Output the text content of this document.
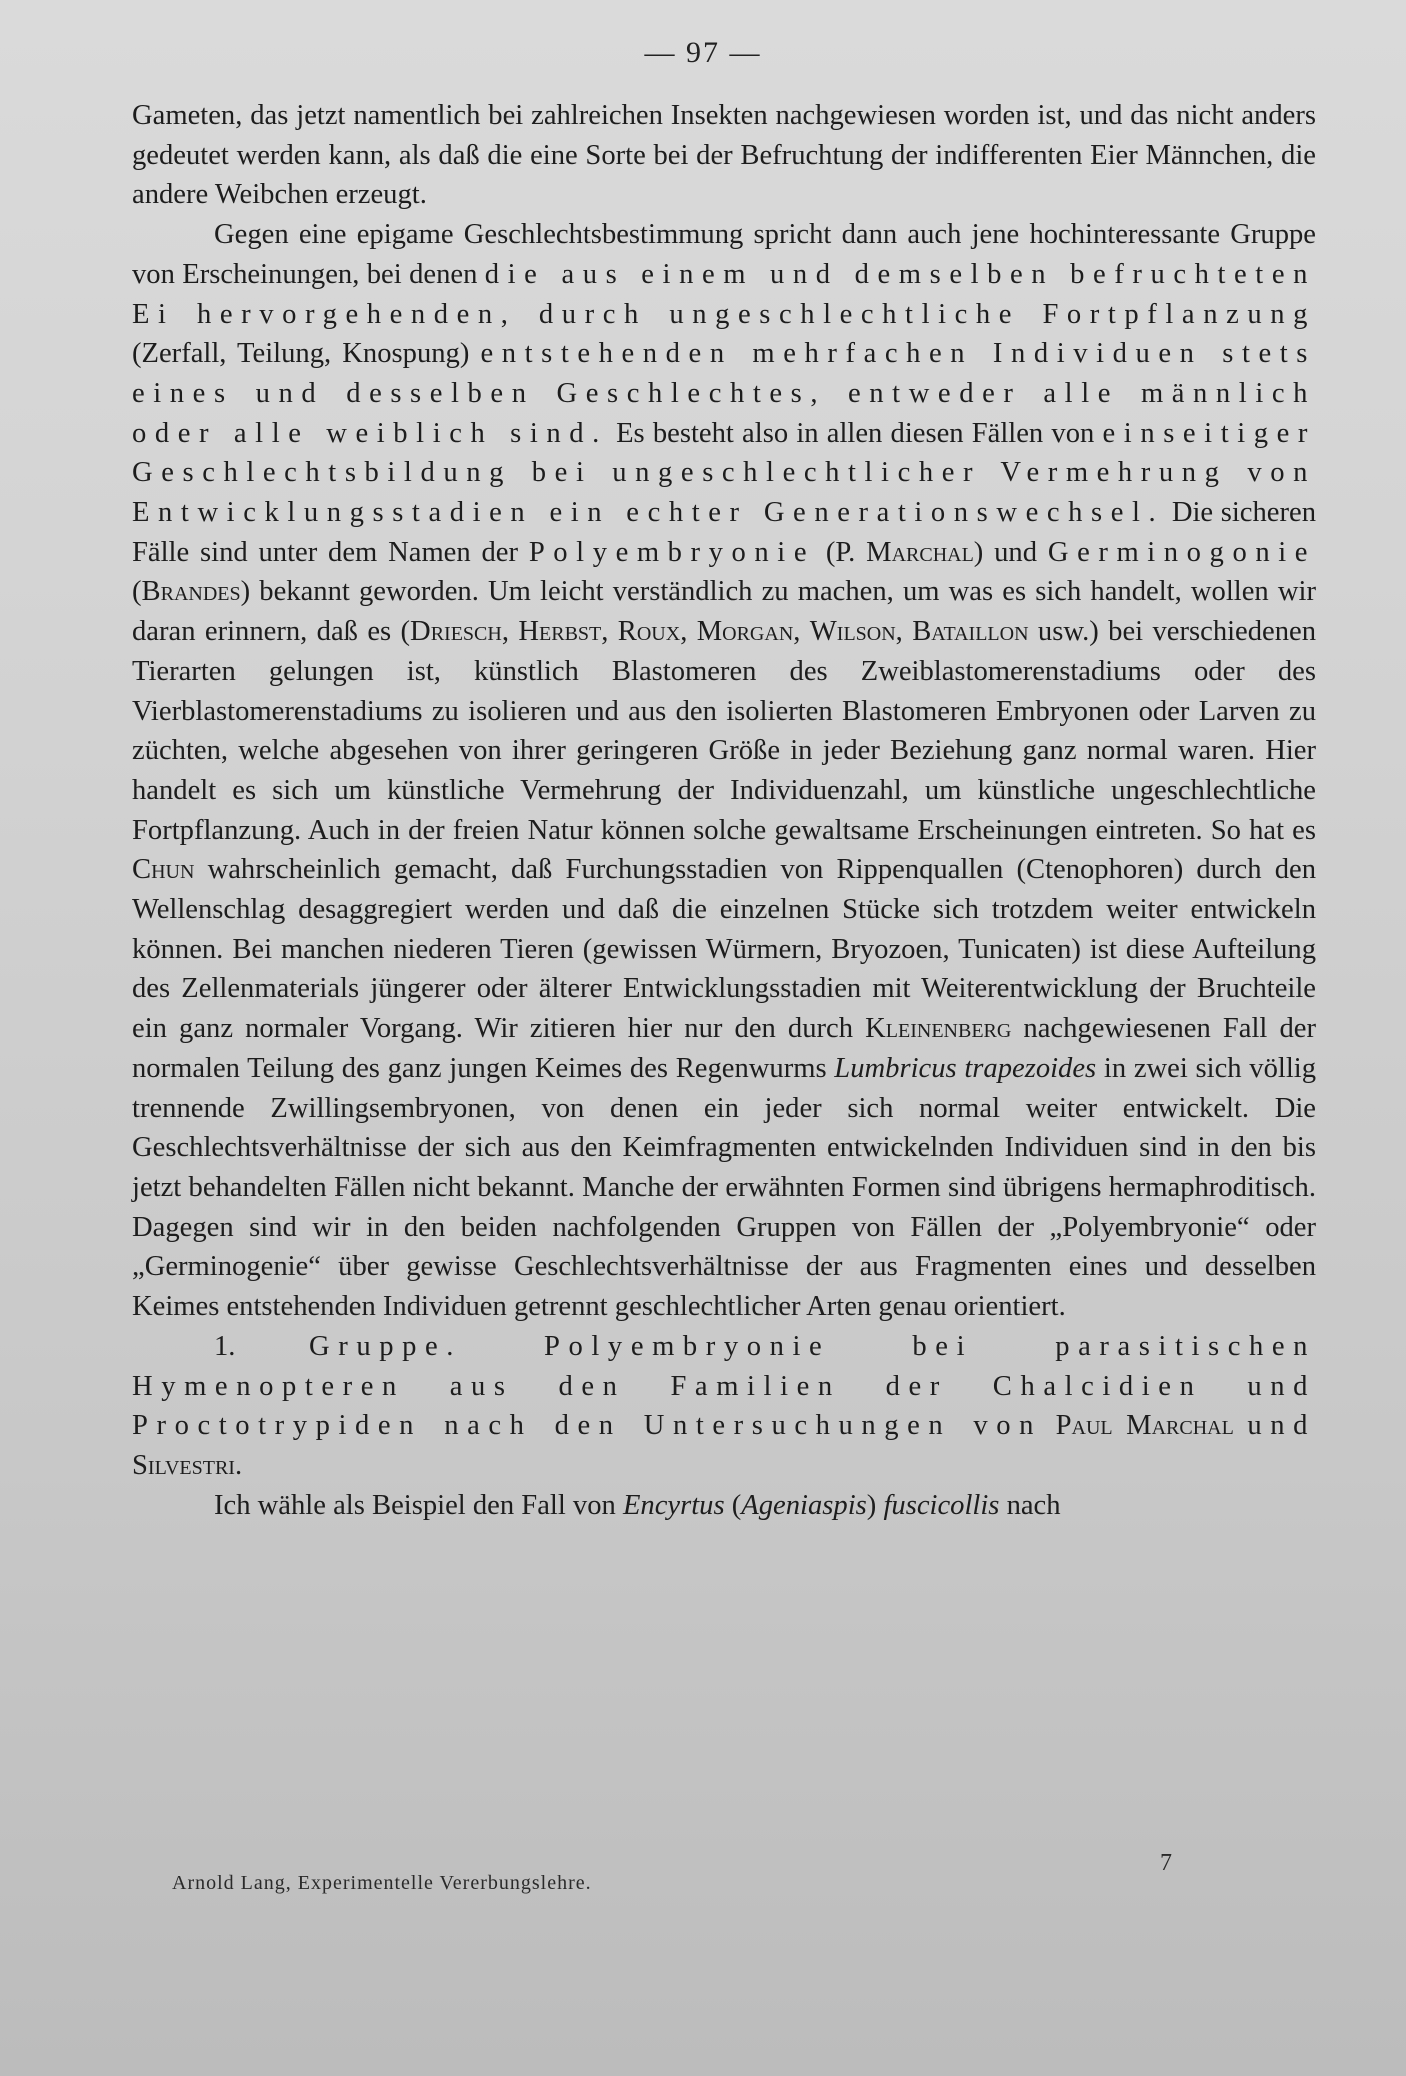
— 97 —

Gameten, das jetzt namentlich bei zahlreichen Insekten nachgewiesen worden ist, und das nicht anders gedeutet werden kann, als daß die eine Sorte bei der Befruchtung der indifferenten Eier Männchen, die andere Weibchen erzeugt.

Gegen eine epigame Geschlechtsbestimmung spricht dann auch jene hochinteressante Gruppe von Erscheinungen, bei denen die aus einem und demselben befruchteten Ei hervorgehenden, durch ungeschlechtliche Fortpflanzung (Zerfall, Teilung, Knospung) entstehenden mehrfachen Individuen stets eines und desselben Geschlechtes, entweder alle männlich oder alle weiblich sind. Es besteht also in allen diesen Fällen von einseitiger Geschlechtsbildung bei ungeschlechtlicher Vermehrung von Entwicklungsstadien ein echter Generationswechsel. Die sicheren Fälle sind unter dem Namen der Polyembryonie (P. Marchal) und Germinogonie (Brandes) bekannt geworden. Um leicht verständlich zu machen, um was es sich handelt, wollen wir daran erinnern, daß es (Driesch, Herbst, Roux, Morgan, Wilson, Bataillon usw.) bei verschiedenen Tierarten gelungen ist, künstlich Blastomeren des Zweiblastomerenstadiums oder des Vierblastomerenstadiums zu isolieren und aus den isolierten Blastomeren Embryonen oder Larven zu züchten, welche abgesehen von ihrer geringeren Größe in jeder Beziehung ganz normal waren. Hier handelt es sich um künstliche Vermehrung der Individuenzahl, um künstliche ungeschlechtliche Fortpflanzung. Auch in der freien Natur können solche gewaltsame Erscheinungen eintreten. So hat es Chun wahrscheinlich gemacht, daß Furchungsstadien von Rippenquallen (Ctenophoren) durch den Wellenschlag desaggregiert werden und daß die einzelnen Stücke sich trotzdem weiter entwickeln können. Bei manchen niederen Tieren (gewissen Würmern, Bryozoen, Tunicaten) ist diese Aufteilung des Zellenmaterials jüngerer oder älterer Entwicklungsstadien mit Weiterentwicklung der Bruchteile ein ganz normaler Vorgang. Wir zitieren hier nur den durch Kleinenberg nachgewiesenen Fall der normalen Teilung des ganz jungen Keimes des Regenwurms Lumbricus trapezoides in zwei sich völlig trennende Zwillingsembryonen, von denen ein jeder sich normal weiter entwickelt. Die Geschlechtsverhältnisse der sich aus den Keimfragmenten entwickelnden Individuen sind in den bis jetzt behandelten Fällen nicht bekannt. Manche der erwähnten Formen sind übrigens hermaphroditisch. Dagegen sind wir in den beiden nachfolgenden Gruppen von Fällen der „Polyembryonie“ oder „Germinogenie“ über gewisse Geschlechtsverhältnisse der aus Fragmenten eines und desselben Keimes entstehenden Individuen getrennt geschlechtlicher Arten genau orientiert.

1. Gruppe. Polyembryonie bei parasitischen Hymenopteren aus den Familien der Chalcidien und Proctotrypiden nach den Untersuchungen von Paul Marchal und Silvestri.

Ich wähle als Beispiel den Fall von Encyrtus (Ageniaspis) fuscicollis nach

7
Arnold Lang, Experimentelle Vererbungslehre.
